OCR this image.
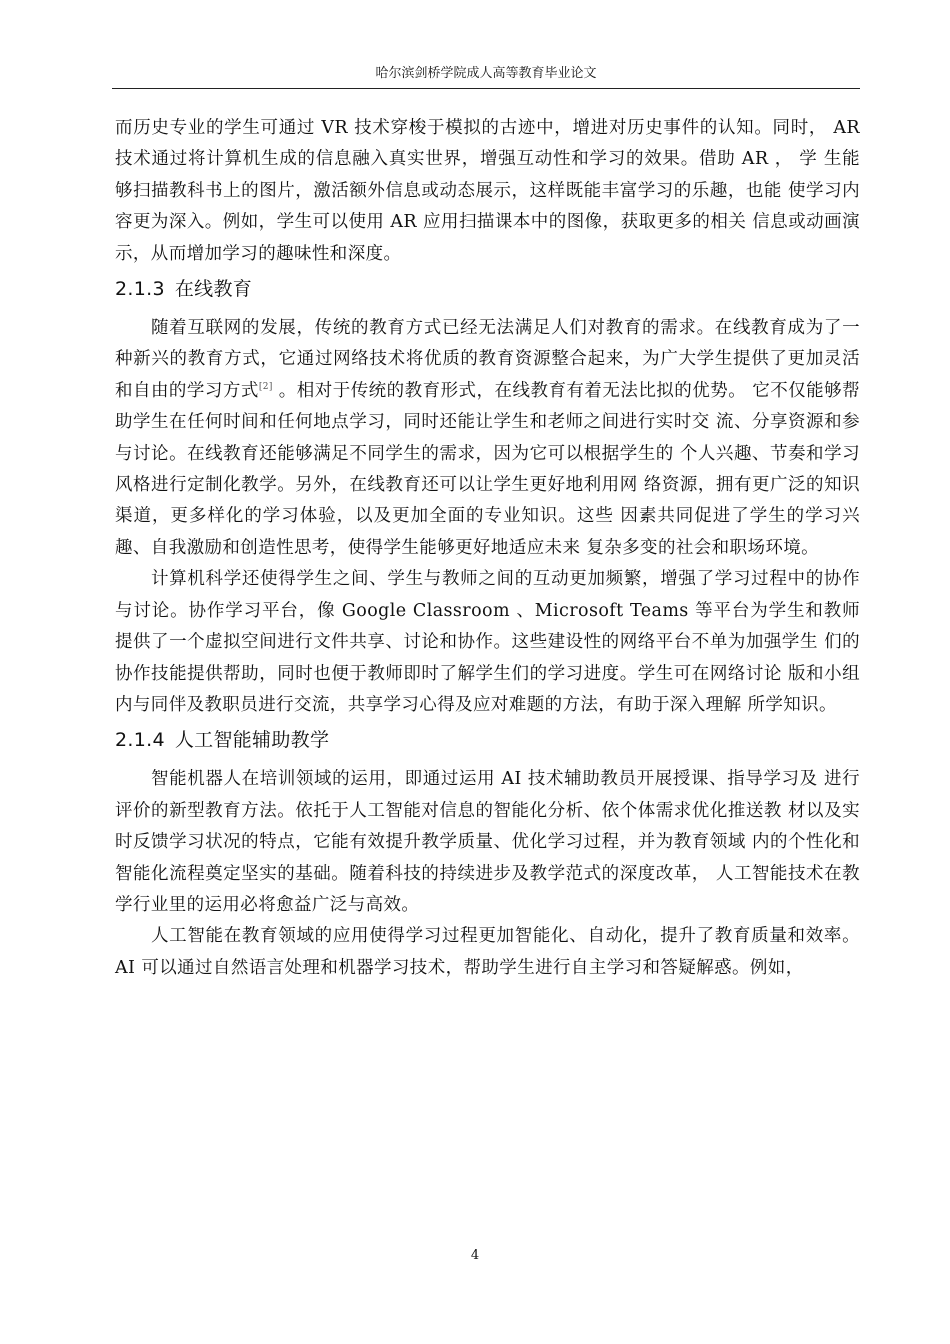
哈尔滨剑桥学院成人高等教育毕业论文

而历史专业的学生可通过 VR 技术穿梭于模拟的古迹中，增进对历史事件的认知。同时， AR 技术通过将计算机生成的信息融入真实世界，增强互动性和学习的效果。借助 AR ， 学 生能够扫描教科书上的图片，激活额外信息或动态展示，这样既能丰富学习的乐趣，也能 使学习内容更为深入。例如，学生可以使用 AR 应用扫描课本中的图像，获取更多的相关 信息或动画演示，从而增加学习的趣味性和深度。

2.1.3 在线教育

随着互联网的发展，传统的教育方式已经无法满足人们对教育的需求。在线教育成为了一种新兴的教育方式，它通过网络技术将优质的教育资源整合起来，为广大学生提供了更加灵活和自由的学习方式[2] 。相对于传统的教育形式，在线教育有着无法比拟的优势。 它不仅能够帮助学生在任何时间和任何地点学习，同时还能让学生和老师之间进行实时交 流、分享资源和参与讨论。在线教育还能够满足不同学生的需求，因为它可以根据学生的 个人兴趣、节奏和学习风格进行定制化教学。另外，在线教育还可以让学生更好地利用网 络资源，拥有更广泛的知识渠道，更多样化的学习体验，以及更加全面的专业知识。这些 因素共同促进了学生的学习兴趣、自我激励和创造性思考，使得学生能够更好地适应未来 复杂多变的社会和职场环境。

计算机科学还使得学生之间、学生与教师之间的互动更加频繁，增强了学习过程中的协作与讨论。协作学习平台，像 Google Classroom 、Microsoft Teams 等平台为学生和教师 提供了一个虚拟空间进行文件共享、讨论和协作。这些建设性的网络平台不单为加强学生 们的协作技能提供帮助，同时也便于教师即时了解学生们的学习进度。学生可在网络讨论 版和小组内与同伴及教职员进行交流，共享学习心得及应对难题的方法，有助于深入理解 所学知识。

2.1.4 人工智能辅助教学

智能机器人在培训领域的运用，即通过运用 AI 技术辅助教员开展授课、指导学习及 进行评价的新型教育方法。依托于人工智能对信息的智能化分析、依个体需求优化推送教 材以及实时反馈学习状况的特点，它能有效提升教学质量、优化学习过程，并为教育领域 内的个性化和智能化流程奠定坚实的基础。随着科技的持续进步及教学范式的深度改革， 人工智能技术在教学行业里的运用必将愈益广泛与高效。

人工智能在教育领域的应用使得学习过程更加智能化、自动化，提升了教育质量和效率。AI 可以通过自然语言处理和机器学习技术，帮助学生进行自主学习和答疑解惑。例如，

4
